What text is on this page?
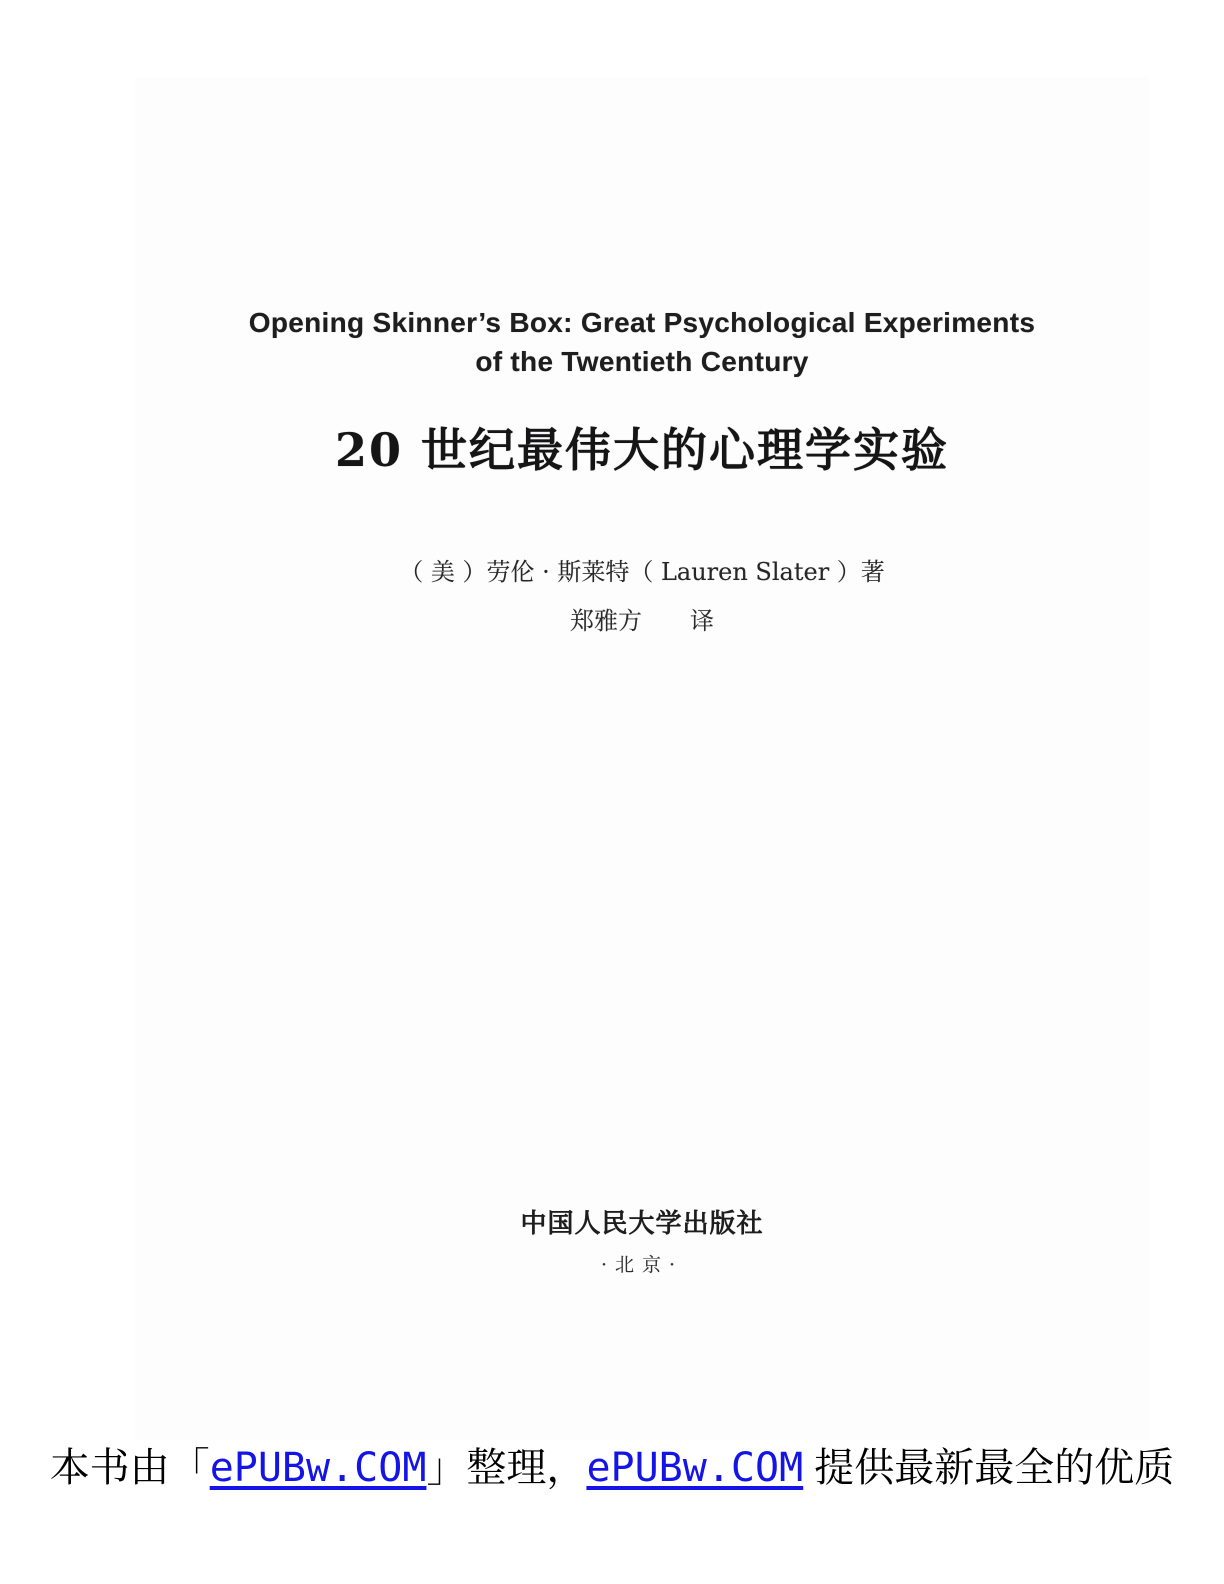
Opening Skinner’s Box: Great Psychological Experiments
of the Twentieth Century
20 世纪最伟大的心理学实验
（ 美 ）劳伦 · 斯莱特（ Lauren Slater ）著
郑雅方　　译
中国人民大学出版社
·北京·
本书由「ePUBw.COM」整理，ePUBw.COM 提供最新最全的优质
